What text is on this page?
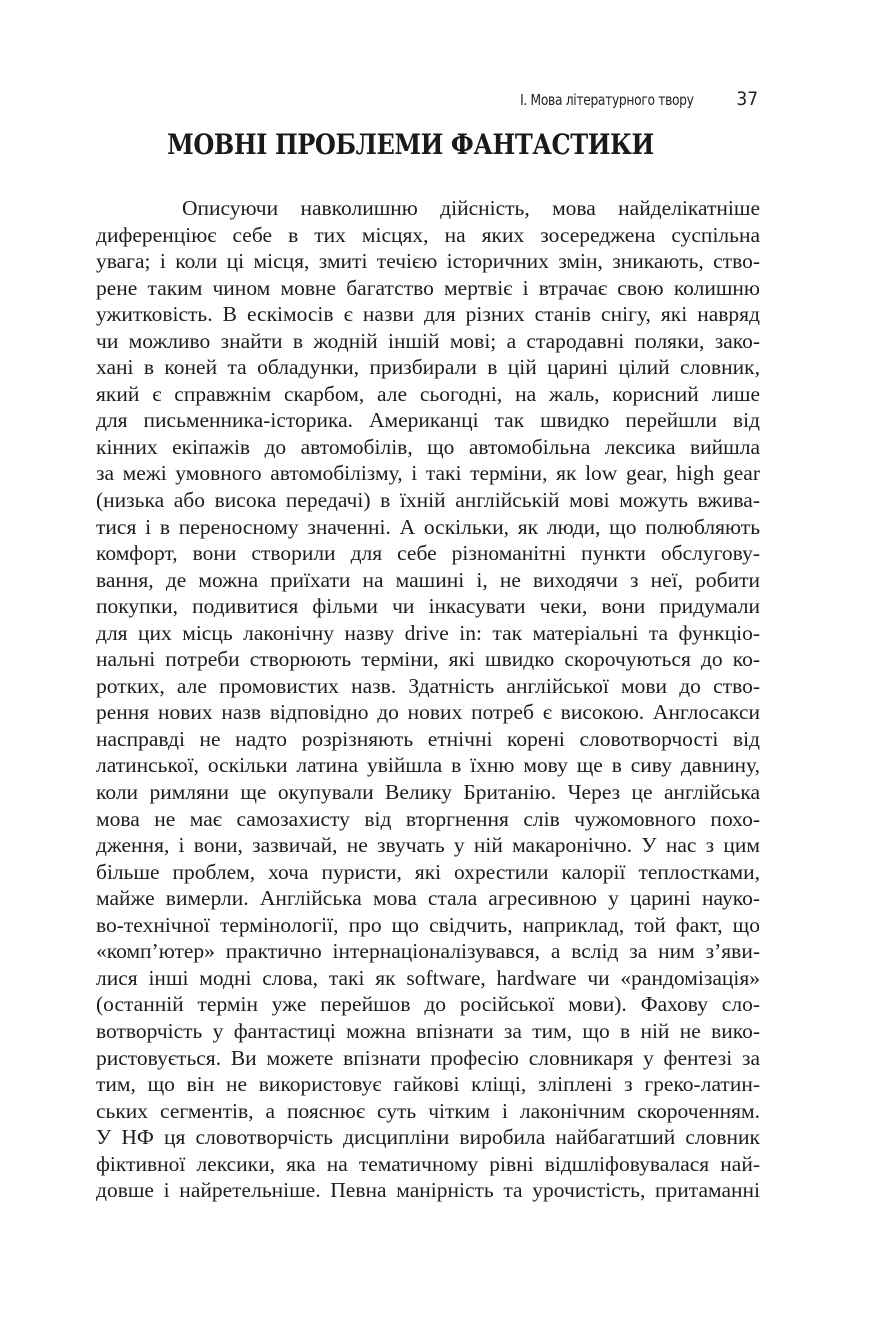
І. Мова літературного твору 37
МОВНІ ПРОБЛЕМИ ФАНТАСТИКИ
Описуючи навколишню дійсність, мова найделікатніше
диференціює себе в тих місцях, на яких зосереджена суспільна
увага; і коли ці місця, змиті течією історичних змін, зникають, ство-
рене таким чином мовне багатство мертвіє і втрачає свою колишню
ужитковість. В ескімосів є назви для різних станів снігу, які навряд
чи можливо знайти в жодній іншій мові; а стародавні поляки, зако-
хані в коней та обладунки, призбирали в цій царині цілий словник,
який є справжнім скарбом, але сьогодні, на жаль, корисний лише
для письменника-історика. Американці так швидко перейшли від
кінних екіпажів до автомобілів, що автомобільна лексика вийшла
за межі умовного автомобілізму, і такі терміни, як low gear, high gear
(низька або висока передачі) в їхній англійській мові можуть вжива-
тися і в переносному значенні. А оскільки, як люди, що полюбляють
комфорт, вони створили для себе різноманітні пункти обслугову-
вання, де можна приїхати на машині і, не виходячи з неї, робити
покупки, подивитися фільми чи інкасувати чеки, вони придумали
для цих місць лаконічну назву drive in: так матеріальні та функціо-
нальні потреби створюють терміни, які швидко скорочуються до ко-
ротких, але промовистих назв. Здатність англійської мови до ство-
рення нових назв відповідно до нових потреб є високою. Англосакси
насправді не надто розрізняють етнічні корені словотворчості від
латинської, оскільки латина увійшла в їхню мову ще в сиву давнину,
коли римляни ще окупували Велику Британію. Через це англійська
мова не має самозахисту від вторгнення слів чужомовного похо-
дження, і вони, зазвичай, не звучать у ній макаронічно. У нас з цим
більше проблем, хоча пуристи, які охрестили калорії теплостками,
майже вимерли. Англійська мова стала агресивною у царині науко-
во-технічної термінології, про що свідчить, наприклад, той факт, що
«комп’ютер» практично інтернаціоналізувався, а вслід за ним з’яви-
лися інші модні слова, такі як software, hardware чи «рандомізація»
(останній термін уже перейшов до російської мови). Фахову сло-
вотворчість у фантастиці можна впізнати за тим, що в ній не вико-
ристовується. Ви можете впізнати професію словникаря у фентезі за
тим, що він не використовує гайкові кліщі, зліплені з греко-латин-
ських сегментів, а пояснює суть чітким і лаконічним скороченням.
У НФ ця словотворчість дисципліни виробила найбагатший словник
фіктивної лексики, яка на тематичному рівні відшліфовувалася най-
довше і найретельніше. Певна манірність та урочистість, притаманні
